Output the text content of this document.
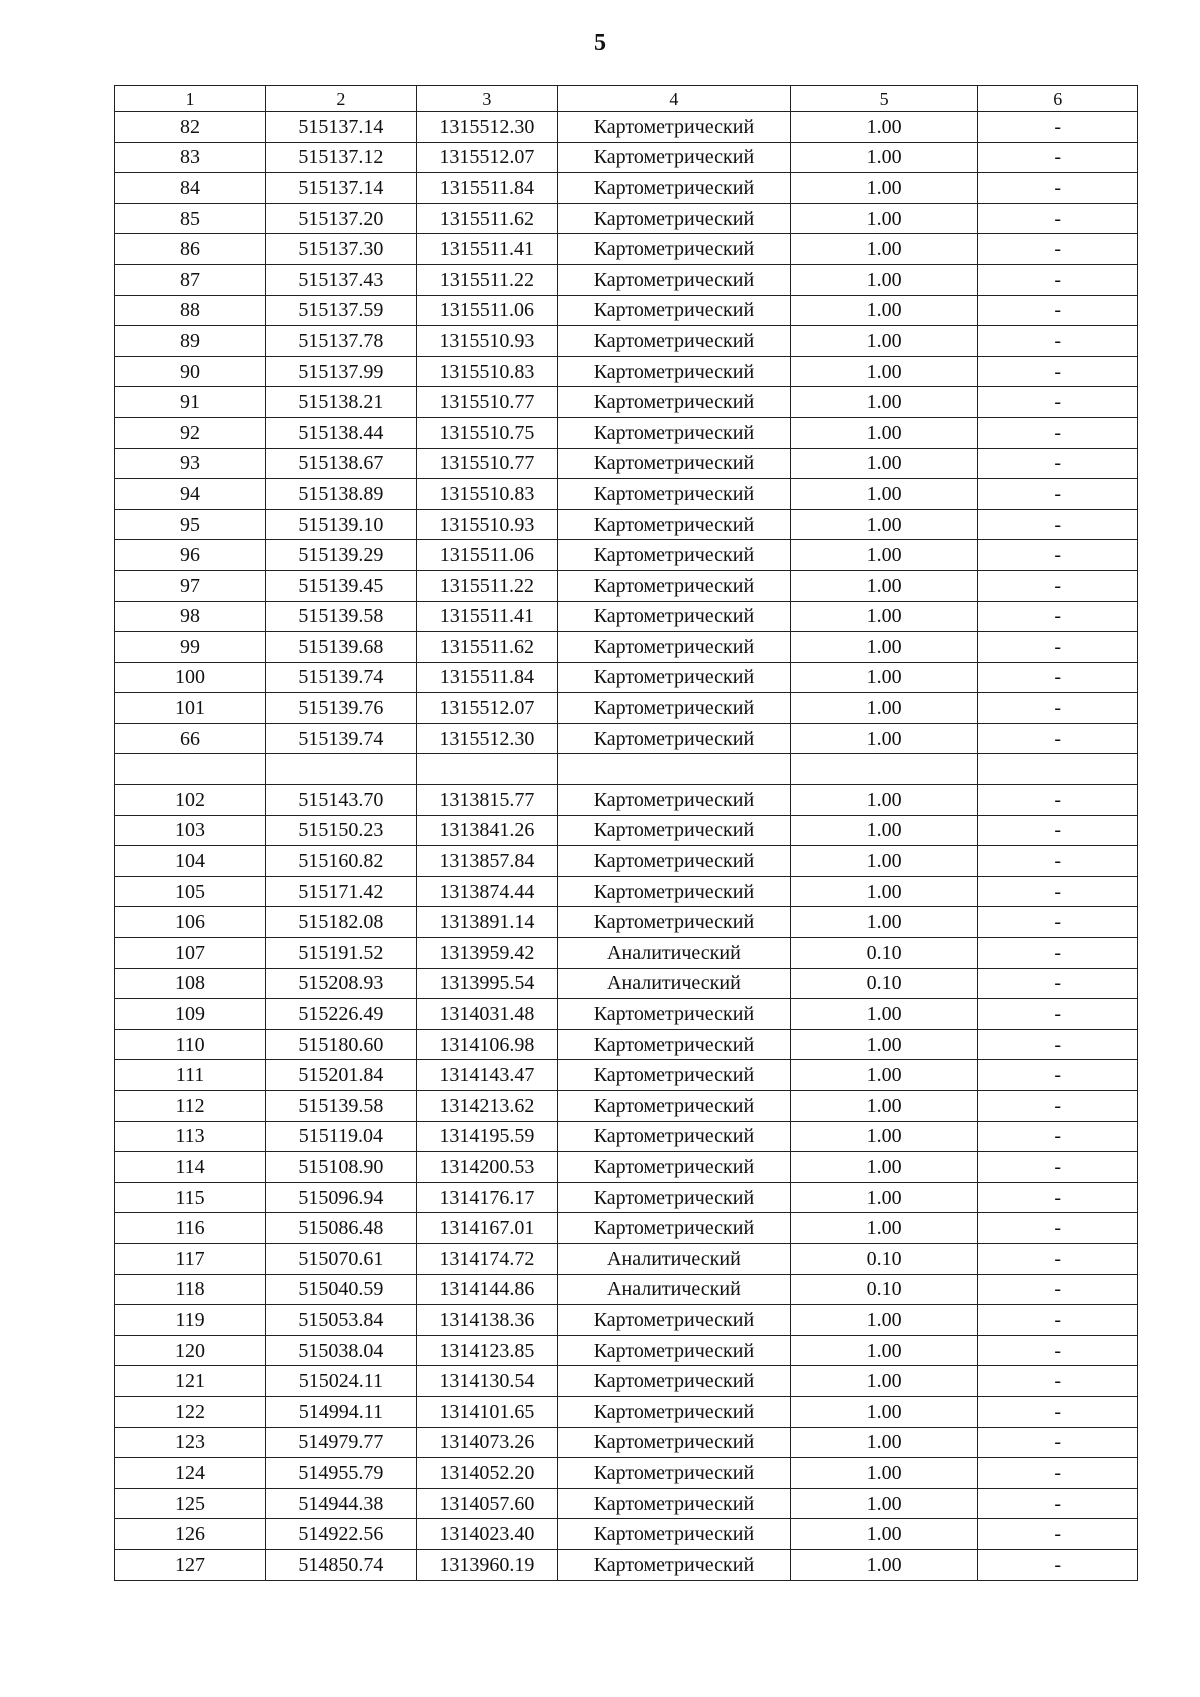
5
1	2	3	4	5	6
82	515137.14	1315512.30	Картометрический	1.00	-
83	515137.12	1315512.07	Картометрический	1.00	-
84	515137.14	1315511.84	Картометрический	1.00	-
85	515137.20	1315511.62	Картометрический	1.00	-
86	515137.30	1315511.41	Картометрический	1.00	-
87	515137.43	1315511.22	Картометрический	1.00	-
88	515137.59	1315511.06	Картометрический	1.00	-
89	515137.78	1315510.93	Картометрический	1.00	-
90	515137.99	1315510.83	Картометрический	1.00	-
91	515138.21	1315510.77	Картометрический	1.00	-
92	515138.44	1315510.75	Картометрический	1.00	-
93	515138.67	1315510.77	Картометрический	1.00	-
94	515138.89	1315510.83	Картометрический	1.00	-
95	515139.10	1315510.93	Картометрический	1.00	-
96	515139.29	1315511.06	Картометрический	1.00	-
97	515139.45	1315511.22	Картометрический	1.00	-
98	515139.58	1315511.41	Картометрический	1.00	-
99	515139.68	1315511.62	Картометрический	1.00	-
100	515139.74	1315511.84	Картометрический	1.00	-
101	515139.76	1315512.07	Картометрический	1.00	-
66	515139.74	1315512.30	Картометрический	1.00	-

102	515143.70	1313815.77	Картометрический	1.00	-
103	515150.23	1313841.26	Картометрический	1.00	-
104	515160.82	1313857.84	Картометрический	1.00	-
105	515171.42	1313874.44	Картометрический	1.00	-
106	515182.08	1313891.14	Картометрический	1.00	-
107	515191.52	1313959.42	Аналитический	0.10	-
108	515208.93	1313995.54	Аналитический	0.10	-
109	515226.49	1314031.48	Картометрический	1.00	-
110	515180.60	1314106.98	Картометрический	1.00	-
111	515201.84	1314143.47	Картометрический	1.00	-
112	515139.58	1314213.62	Картометрический	1.00	-
113	515119.04	1314195.59	Картометрический	1.00	-
114	515108.90	1314200.53	Картометрический	1.00	-
115	515096.94	1314176.17	Картометрический	1.00	-
116	515086.48	1314167.01	Картометрический	1.00	-
117	515070.61	1314174.72	Аналитический	0.10	-
118	515040.59	1314144.86	Аналитический	0.10	-
119	515053.84	1314138.36	Картометрический	1.00	-
120	515038.04	1314123.85	Картометрический	1.00	-
121	515024.11	1314130.54	Картометрический	1.00	-
122	514994.11	1314101.65	Картометрический	1.00	-
123	514979.77	1314073.26	Картометрический	1.00	-
124	514955.79	1314052.20	Картометрический	1.00	-
125	514944.38	1314057.60	Картометрический	1.00	-
126	514922.56	1314023.40	Картометрический	1.00	-
127	514850.74	1313960.19	Картометрический	1.00	-
